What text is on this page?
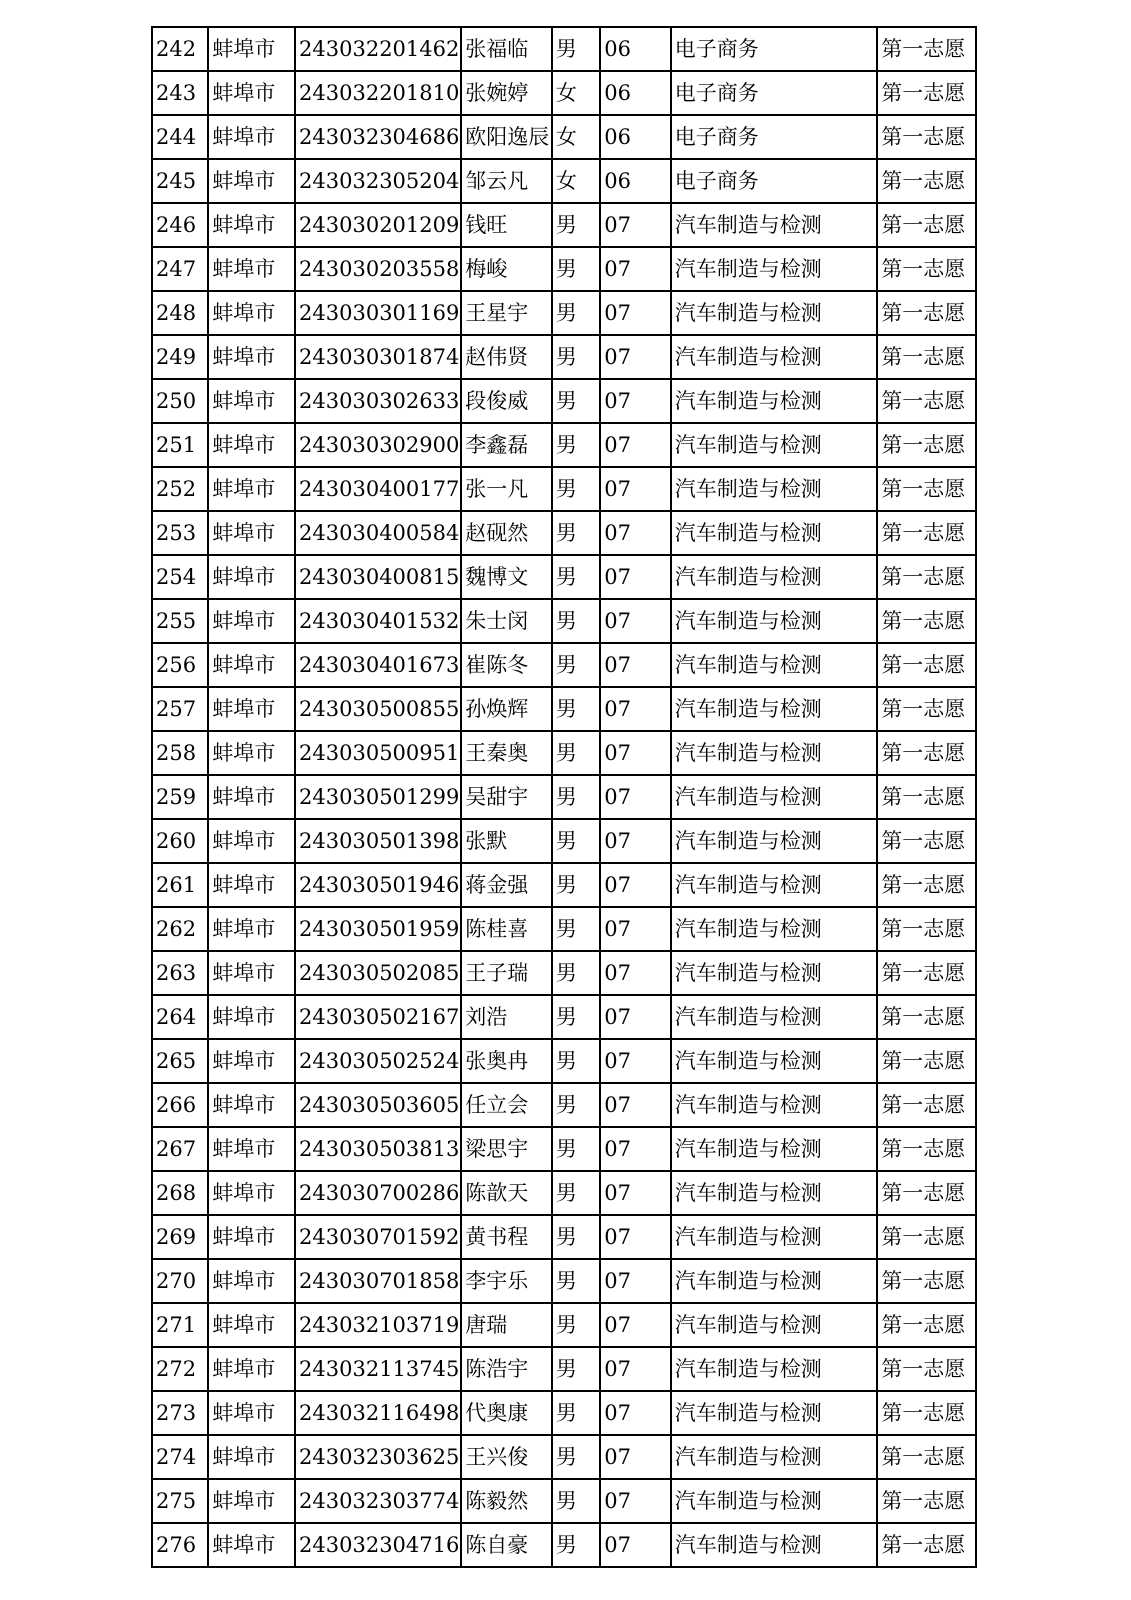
242	蚌埠市	243032201462	张福临	男	06	电子商务	第一志愿
243	蚌埠市	243032201810	张婉婷	女	06	电子商务	第一志愿
244	蚌埠市	243032304686	欧阳逸辰	女	06	电子商务	第一志愿
245	蚌埠市	243032305204	邹云凡	女	06	电子商务	第一志愿
246	蚌埠市	243030201209	钱旺	男	07	汽车制造与检测	第一志愿
247	蚌埠市	243030203558	梅峻	男	07	汽车制造与检测	第一志愿
248	蚌埠市	243030301169	王星宇	男	07	汽车制造与检测	第一志愿
249	蚌埠市	243030301874	赵伟贤	男	07	汽车制造与检测	第一志愿
250	蚌埠市	243030302633	段俊威	男	07	汽车制造与检测	第一志愿
251	蚌埠市	243030302900	李鑫磊	男	07	汽车制造与检测	第一志愿
252	蚌埠市	243030400177	张一凡	男	07	汽车制造与检测	第一志愿
253	蚌埠市	243030400584	赵砚然	男	07	汽车制造与检测	第一志愿
254	蚌埠市	243030400815	魏博文	男	07	汽车制造与检测	第一志愿
255	蚌埠市	243030401532	朱士闵	男	07	汽车制造与检测	第一志愿
256	蚌埠市	243030401673	崔陈冬	男	07	汽车制造与检测	第一志愿
257	蚌埠市	243030500855	孙焕辉	男	07	汽车制造与检测	第一志愿
258	蚌埠市	243030500951	王秦奥	男	07	汽车制造与检测	第一志愿
259	蚌埠市	243030501299	吴甜宇	男	07	汽车制造与检测	第一志愿
260	蚌埠市	243030501398	张默	男	07	汽车制造与检测	第一志愿
261	蚌埠市	243030501946	蒋金强	男	07	汽车制造与检测	第一志愿
262	蚌埠市	243030501959	陈桂喜	男	07	汽车制造与检测	第一志愿
263	蚌埠市	243030502085	王子瑞	男	07	汽车制造与检测	第一志愿
264	蚌埠市	243030502167	刘浩	男	07	汽车制造与检测	第一志愿
265	蚌埠市	243030502524	张奥冉	男	07	汽车制造与检测	第一志愿
266	蚌埠市	243030503605	任立会	男	07	汽车制造与检测	第一志愿
267	蚌埠市	243030503813	梁思宇	男	07	汽车制造与检测	第一志愿
268	蚌埠市	243030700286	陈歆天	男	07	汽车制造与检测	第一志愿
269	蚌埠市	243030701592	黄书程	男	07	汽车制造与检测	第一志愿
270	蚌埠市	243030701858	李宇乐	男	07	汽车制造与检测	第一志愿
271	蚌埠市	243032103719	唐瑞	男	07	汽车制造与检测	第一志愿
272	蚌埠市	243032113745	陈浩宇	男	07	汽车制造与检测	第一志愿
273	蚌埠市	243032116498	代奥康	男	07	汽车制造与检测	第一志愿
274	蚌埠市	243032303625	王兴俊	男	07	汽车制造与检测	第一志愿
275	蚌埠市	243032303774	陈毅然	男	07	汽车制造与检测	第一志愿
276	蚌埠市	243032304716	陈自豪	男	07	汽车制造与检测	第一志愿
